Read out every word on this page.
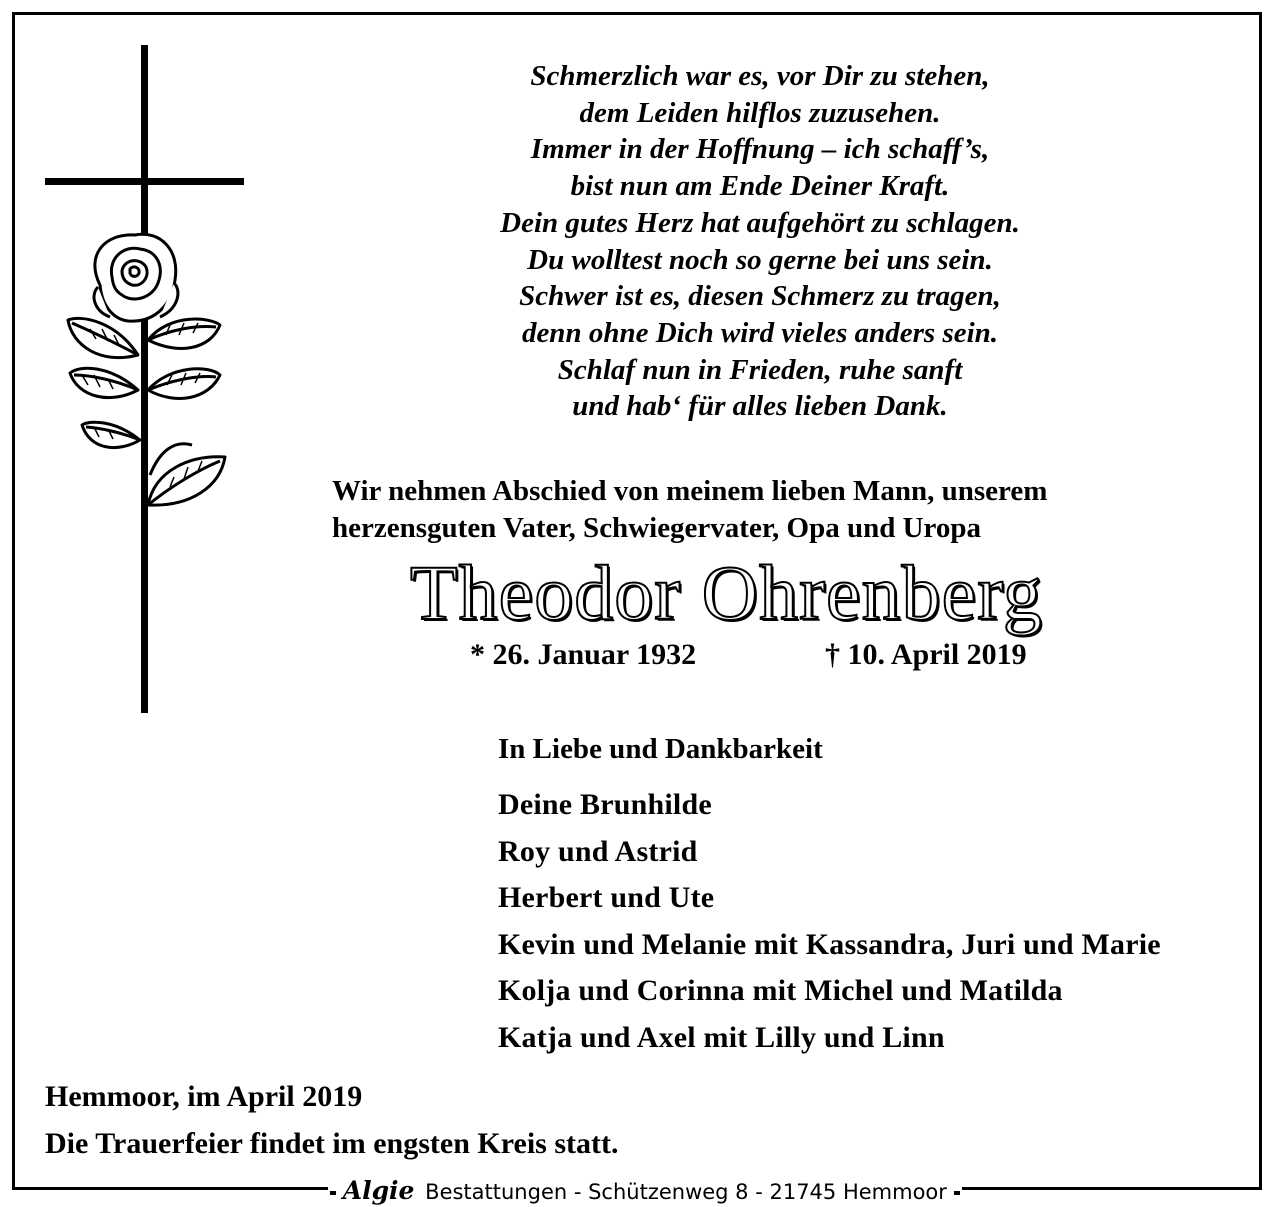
Schmerzlich war es, vor Dir zu stehen,
dem Leiden hilflos zuzusehen.
Immer in der Hoffnung – ich schaff’s,
bist nun am Ende Deiner Kraft.
Dein gutes Herz hat aufgehört zu schlagen.
Du wolltest noch so gerne bei uns sein.
Schwer ist es, diesen Schmerz zu tragen,
denn ohne Dich wird vieles anders sein.
Schlaf nun in Frieden, ruhe sanft
und hab‘ für alles lieben Dank.
Wir nehmen Abschied von meinem lieben Mann, unserem
herzensguten Vater, Schwiegervater, Opa und Uropa
Theodor Ohrenberg
* 26. Januar 1932	† 10. April 2019
In Liebe und Dankbarkeit
Deine Brunhilde
Roy und Astrid
Herbert und Ute
Kevin und Melanie mit Kassandra, Juri und Marie
Kolja und Corinna mit Michel und Matilda
Katja und Axel mit Lilly und Linn
Hemmoor, im April 2019
Die Trauerfeier findet im engsten Kreis statt.
Algie Bestattungen - Schützenweg 8 - 21745 Hemmoor
